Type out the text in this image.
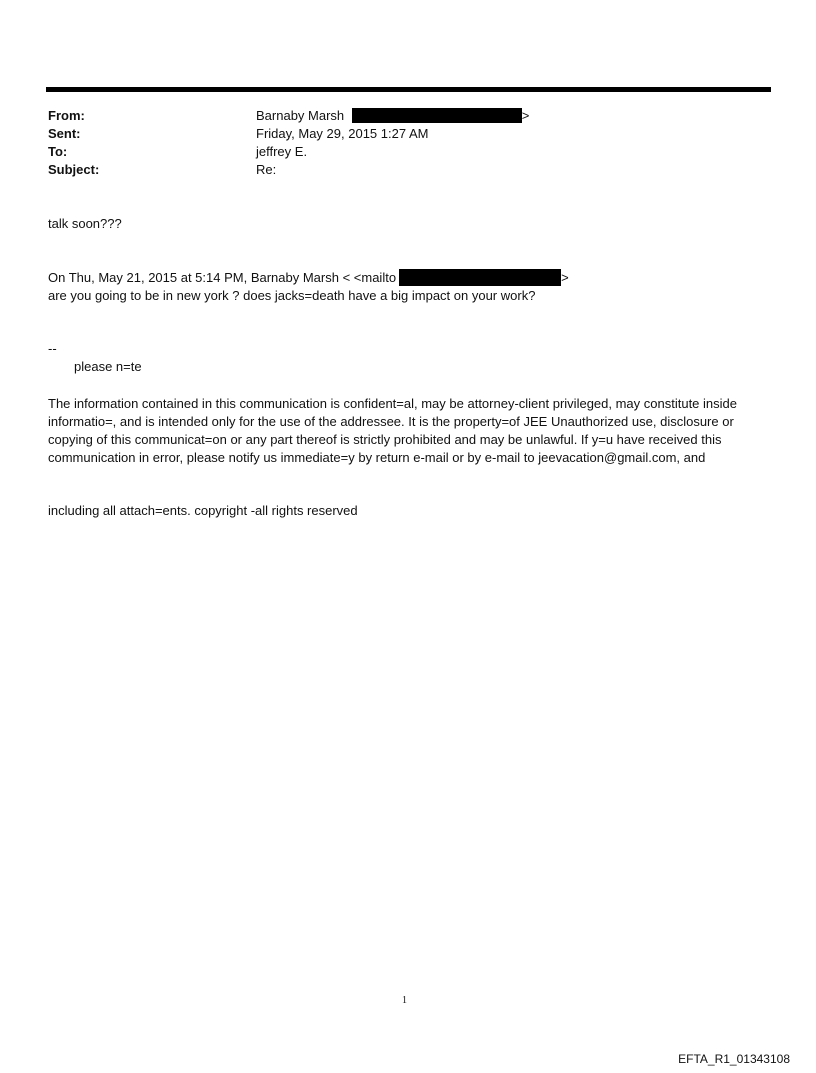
From:	Barnaby Marsh	>
Sent:	Friday, May 29, 2015 1:27 AM
To:	jeffrey E.
Subject:	Re:
talk soon???
On Thu, May 21, 2015 at 5:14 PM, Barnaby Marsh < <mailto	>
are you going to be in new york ? does jacks=death have a big impact on your work?
--
please n=te
The information contained in this communication is confident=al, may be attorney-client privileged, may constitute inside informatio=, and is intended only for the use of the addressee. It is the property=of JEE Unauthorized use, disclosure or copying of this communicat=on or any part thereof is strictly prohibited and may be unlawful. If y=u have received this communication in error, please notify us immediate=y by return e-mail or by e-mail to jeevacation@gmail.com, and
including all attach=ents. copyright -all rights reserved
1
EFTA_R1_01343108
